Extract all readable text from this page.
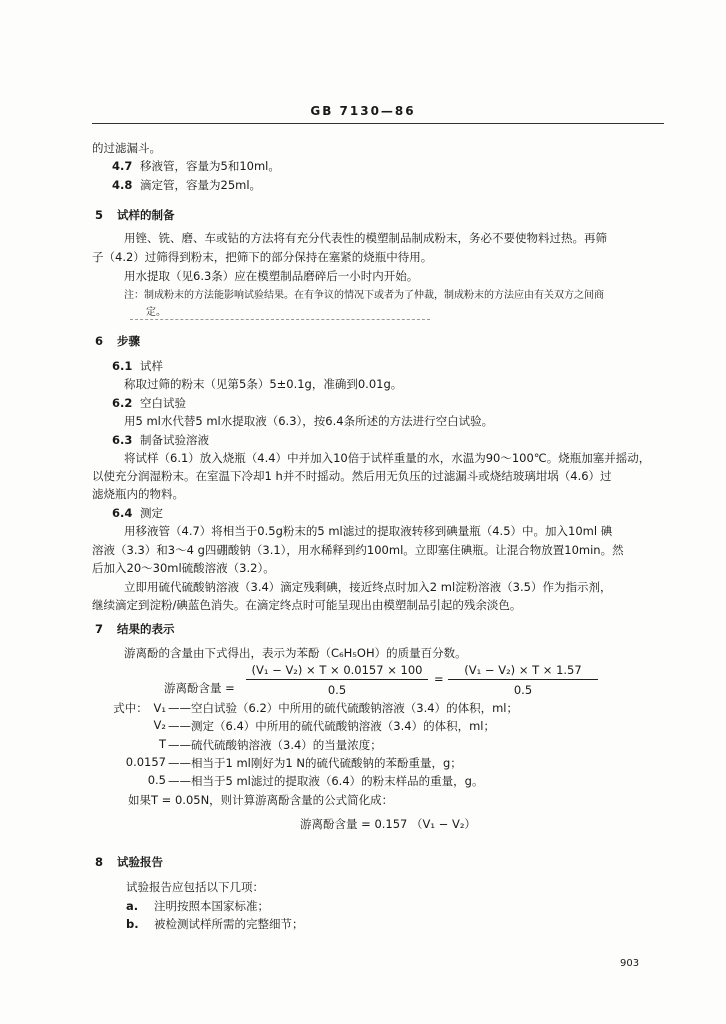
GB 7130—86
的过滤漏斗。
4.7 移液管，容量为5和10ml。
4.8 滴定管，容量为25ml。
5 试样的制备
用锉、铣、磨、车或钻的方法将有充分代表性的模塑制品制成粉末，务必不要使物料过热。再筛
子（4.2）过筛得到粉末，把筛下的部分保持在塞紧的烧瓶中待用。
用水提取（见6.3条）应在模塑制品磨碎后一小时内开始。
注：制成粉末的方法能影响试验结果。在有争议的情况下或者为了仲裁，制成粉末的方法应由有关双方之间商
定。
6 步骤
6.1 试样
称取过筛的粉末（见第5条）5±0.1g，准确到0.01g。
6.2 空白试验
用5 ml水代替5 ml水提取液（6.3），按6.4条所述的方法进行空白试验。
6.3 制备试验溶液
将试样（6.1）放入烧瓶（4.4）中并加入10倍于试样重量的水，水温为90～100℃。烧瓶加塞并摇动，
以使充分润湿粉末。在室温下冷却1 h并不时摇动。然后用无负压的过滤漏斗或烧结玻璃坩埚（4.6）过
滤烧瓶内的物料。
6.4 测定
用移液管（4.7）将相当于0.5g粉末的5 ml滤过的提取液转移到碘量瓶（4.5）中。加入10ml 碘
溶液（3.3）和3～4 g四硼酸钠（3.1），用水稀释到约100ml。立即塞住碘瓶。让混合物放置10min。然
后加入20～30ml硫酸溶液（3.2）。
立即用硫代硫酸钠溶液（3.4）滴定残剩碘，接近终点时加入2 ml淀粉溶液（3.5）作为指示剂，
继续滴定到淀粉/碘蓝色消失。在滴定终点时可能呈现出由模塑制品引起的残余淡色。
7 结果的表示
游离酚的含量由下式得出，表示为苯酚（C₆H₅OH）的质量百分数。
游离酚含量 =
(V₁ − V₂) × T × 0.0157 × 100
0.5
=
(V₁ − V₂) × T × 1.57
0.5
式中：　V₁ ——空白试验（6.2）中所用的硫代硫酸钠溶液（3.4）的体积，ml；
V₂ ——测定（6.4）中所用的硫代硫酸钠溶液（3.4）的体积，ml；
T ——硫代硫酸钠溶液（3.4）的当量浓度；
0.0157 ——相当于1 ml刚好为1 N的硫代硫酸钠的苯酚重量，g；
0.5 ——相当于5 ml滤过的提取液（6.4）的粉末样品的重量，g。
如果T = 0.05N，则计算游离酚含量的公式简化成：
游离酚含量 = 0.157 （V₁ − V₂）
8 试验报告
试验报告应包括以下几项：
a. 注明按照本国家标准；
b. 被检测试样所需的完整细节；
903
